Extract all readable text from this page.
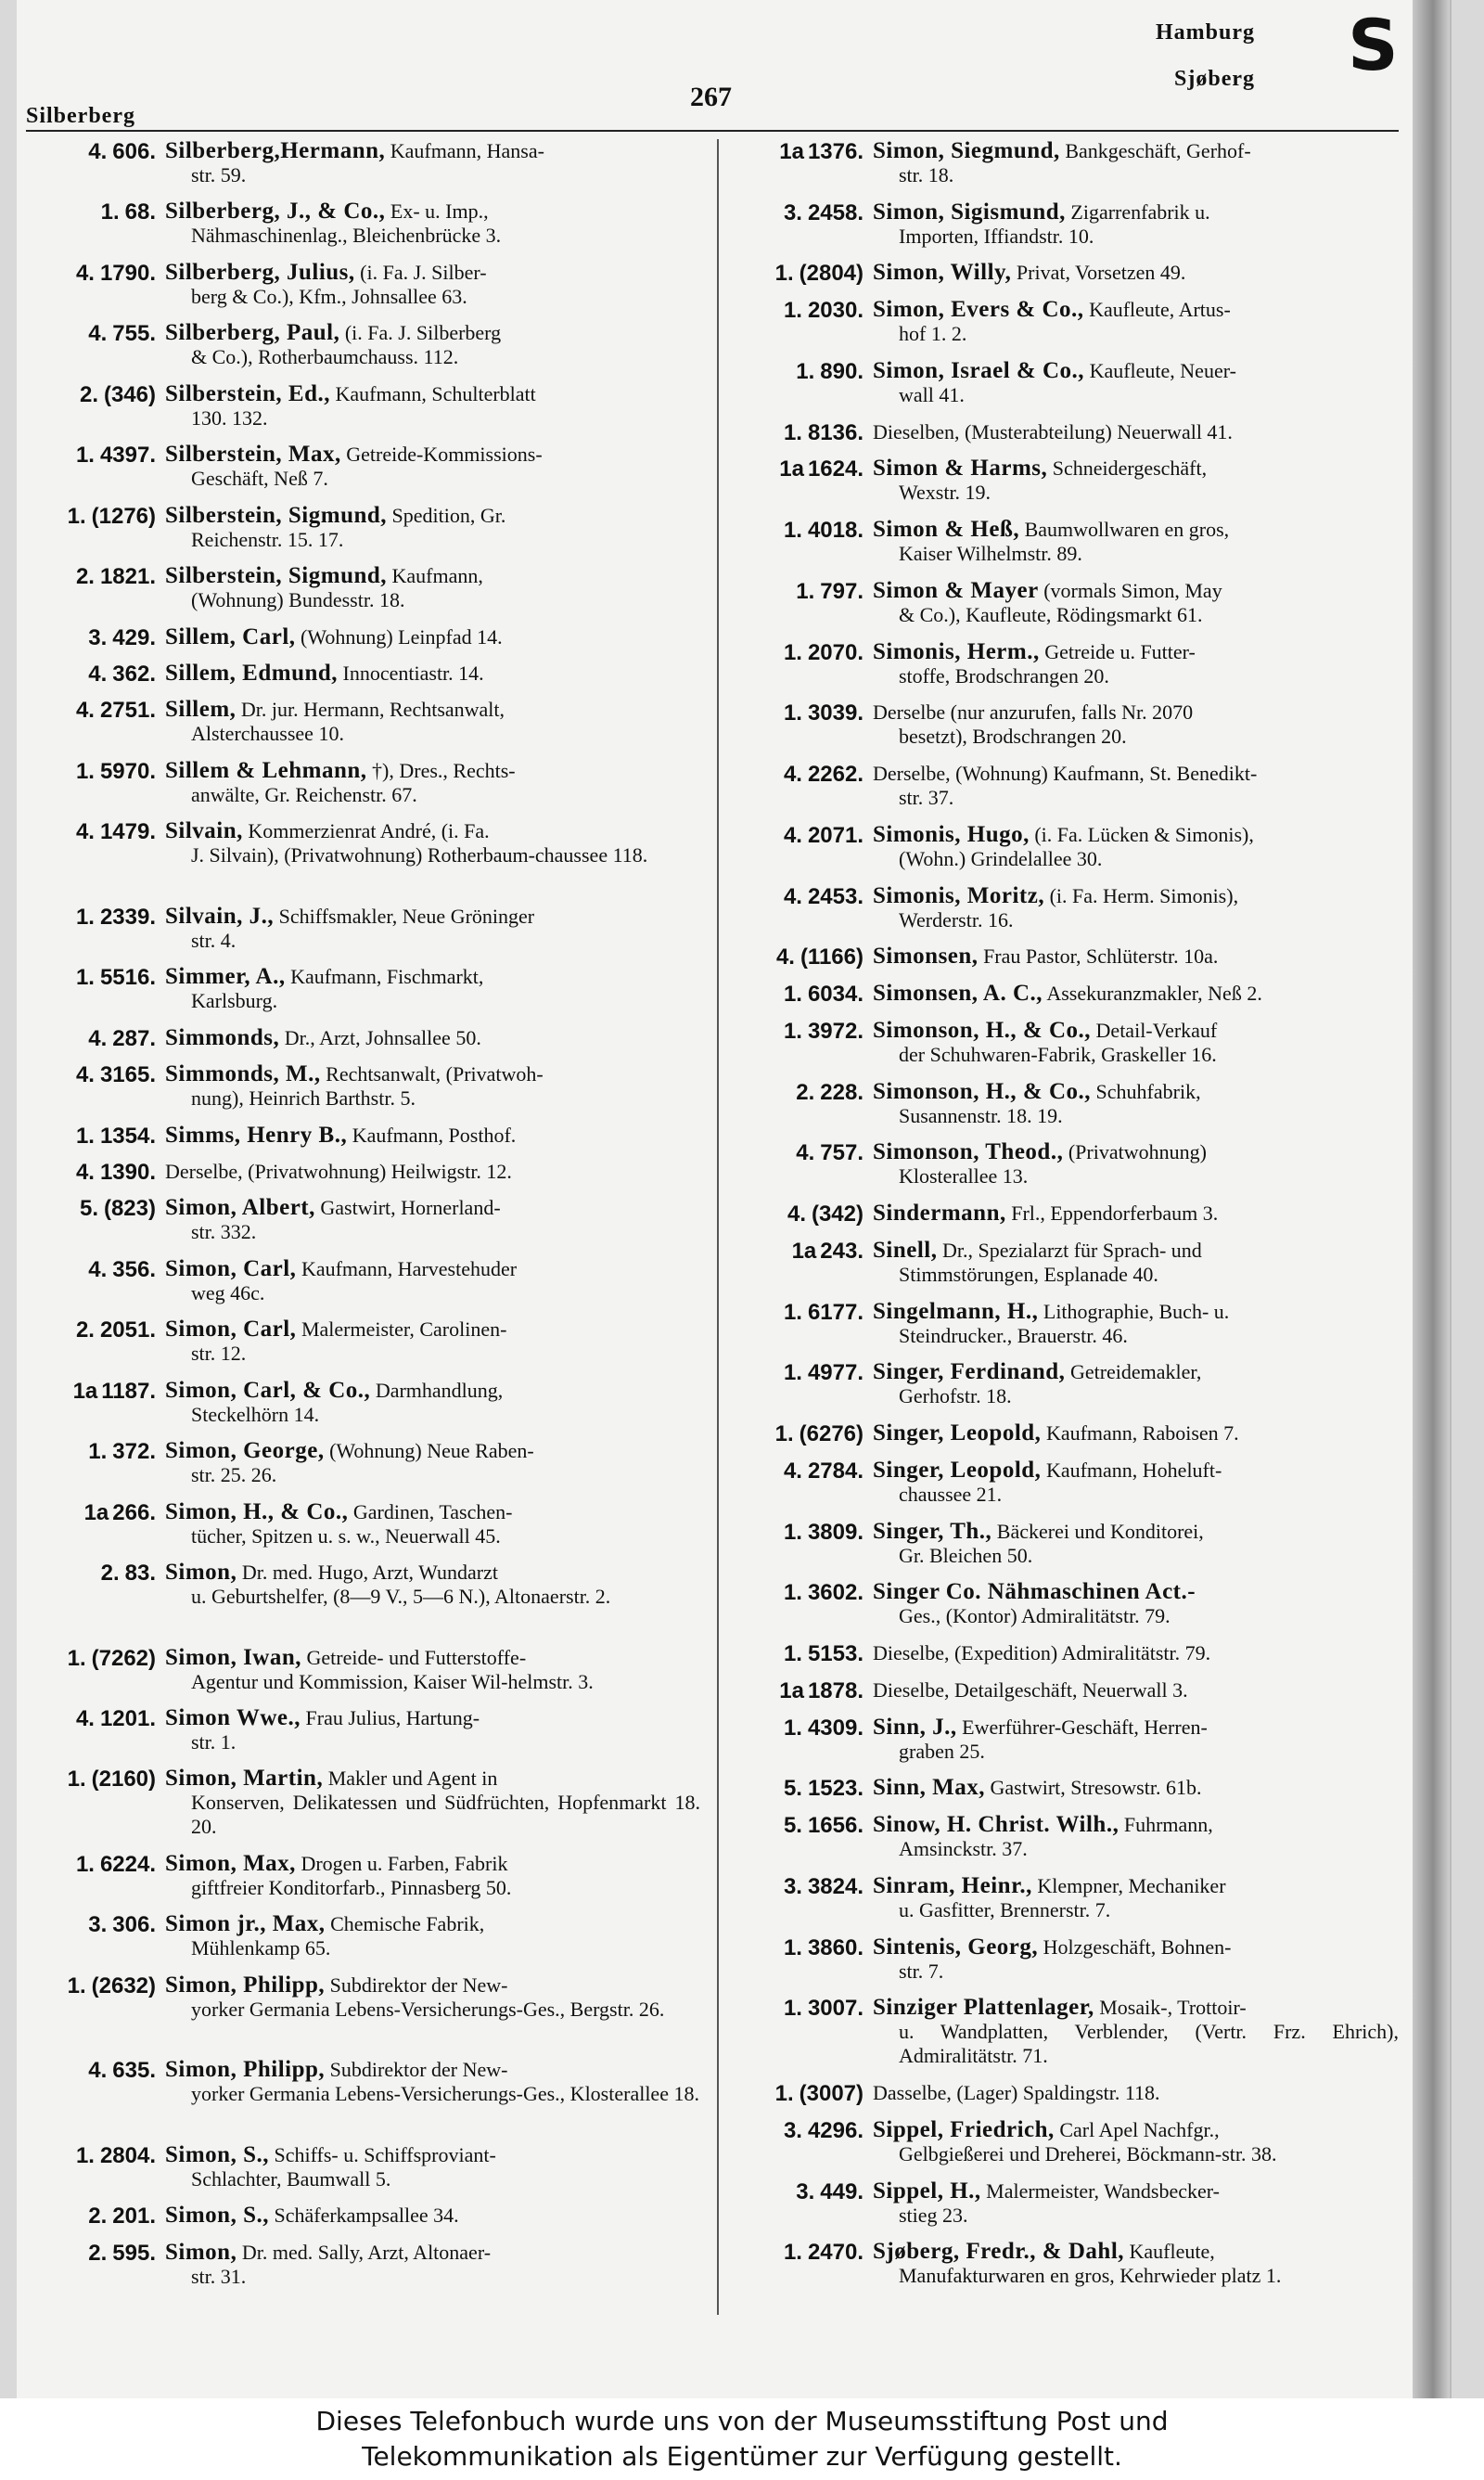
Silberberg
267
Hamburg
Sjøberg S
4. 606. Silberberg,Hermann, Kaufmann, Hansa-
str. 59.
1. 68. Silberberg, J., & Co., Ex- u. Imp.,
Nähmaschinenlag., Bleichenbrücke 3.
4. 1790. Silberberg, Julius, (i. Fa. J. Silber-
berg & Co.), Kfm., Johnsallee 63.
4. 755. Silberberg, Paul, (i. Fa. J. Silberberg
& Co.), Rotherbaumchauss. 112.
2. (346) Silberstein, Ed., Kaufmann, Schulterblatt
130. 132.
1. 4397. Silberstein, Max, Getreide-Kommissions-
Geschäft, Neß 7.
1. (1276) Silberstein, Sigmund, Spedition, Gr.
Reichenstr. 15. 17.
2. 1821. Silberstein, Sigmund, Kaufmann,
(Wohnung) Bundesstr. 18.
3. 429. Sillem, Carl, (Wohnung) Leinpfad 14.
4. 362. Sillem, Edmund, Innocentiastr. 14.
4. 2751. Sillem, Dr. jur. Hermann, Rechtsanwalt,
Alsterchaussee 10.
1. 5970. Sillem & Lehmann, †), Dres., Rechts-
anwälte, Gr. Reichenstr. 67.
4. 1479. Silvain, Kommerzienrat André, (i. Fa.
J. Silvain), (Privatwohnung) Rotherbaum-chaussee 118.
1. 2339. Silvain, J., Schiffsmakler, Neue Gröninger
str. 4.
1. 5516. Simmer, A., Kaufmann, Fischmarkt,
Karlsburg.
4. 287. Simmonds, Dr., Arzt, Johnsallee 50.
4. 3165. Simmonds, M., Rechtsanwalt, (Privatwoh-
nung), Heinrich Barthstr. 5.
1. 1354. Simms, Henry B., Kaufmann, Posthof.
4. 1390. Derselbe, (Privatwohnung) Heilwigstr. 12.
5. (823) Simon, Albert, Gastwirt, Hornerland-
str. 332.
4. 356. Simon, Carl, Kaufmann, Harvestehuder
weg 46c.
2. 2051. Simon, Carl, Malermeister, Carolinen-
str. 12.
1a 1187. Simon, Carl, & Co., Darmhandlung,
Steckelhörn 14.
1. 372. Simon, George, (Wohnung) Neue Raben-
str. 25. 26.
1a 266. Simon, H., & Co., Gardinen, Taschen-
tücher, Spitzen u. s. w., Neuerwall 45.
2. 83. Simon, Dr. med. Hugo, Arzt, Wundarzt
u. Geburtshelfer, (8—9 V., 5—6 N.), Altonaerstr. 2.
1. (7262) Simon, Iwan, Getreide- und Futterstoffe-
Agentur und Kommission, Kaiser Wil-helmstr. 3.
4. 1201. Simon Wwe., Frau Julius, Hartung-
str. 1.
1. (2160) Simon, Martin, Makler und Agent in
Konserven, Delikatessen und Südfrüchten, Hopfenmarkt 18. 20.
1. 6224. Simon, Max, Drogen u. Farben, Fabrik
giftfreier Konditorfarb., Pinnasberg 50.
3. 306. Simon jr., Max, Chemische Fabrik,
Mühlenkamp 65.
1. (2632) Simon, Philipp, Subdirektor der New-
yorker Germania Lebens-Versicherungs-Ges., Bergstr. 26.
4. 635. Simon, Philipp, Subdirektor der New-
yorker Germania Lebens-Versicherungs-Ges., Klosterallee 18.
1. 2804. Simon, S., Schiffs- u. Schiffsproviant-
Schlachter, Baumwall 5.
2. 201. Simon, S., Schäferkampsallee 34.
2. 595. Simon, Dr. med. Sally, Arzt, Altonaer-
str. 31.
1a 1376. Simon, Siegmund, Bankgeschäft, Gerhof-
str. 18.
3. 2458. Simon, Sigismund, Zigarrenfabrik u.
Importen, Iffiandstr. 10.
1. (2804) Simon, Willy, Privat, Vorsetzen 49.
1. 2030. Simon, Evers & Co., Kaufleute, Artus-
hof 1. 2.
1. 890. Simon, Israel & Co., Kaufleute, Neuer-
wall 41.
1. 8136. Dieselben, (Musterabteilung) Neuerwall 41.
1a 1624. Simon & Harms, Schneidergeschäft,
Wexstr. 19.
1. 4018. Simon & Heß, Baumwollwaren en gros,
Kaiser Wilhelmstr. 89.
1. 797. Simon & Mayer (vormals Simon, May
& Co.), Kaufleute, Rödingsmarkt 61.
1. 2070. Simonis, Herm., Getreide u. Futter-
stoffe, Brodschrangen 20.
1. 3039. Derselbe (nur anzurufen, falls Nr. 2070
besetzt), Brodschrangen 20.
4. 2262. Derselbe, (Wohnung) Kaufmann, St. Benedikt-
str. 37.
4. 2071. Simonis, Hugo, (i. Fa. Lücken & Simonis),
(Wohn.) Grindelallee 30.
4. 2453. Simonis, Moritz, (i. Fa. Herm. Simonis),
Werderstr. 16.
4. (1166) Simonsen, Frau Pastor, Schlüterstr. 10a.
1. 6034. Simonsen, A. C., Assekuranzmakler, Neß 2.
1. 3972. Simonson, H., & Co., Detail-Verkauf
der Schuhwaren-Fabrik, Graskeller 16.
2. 228. Simonson, H., & Co., Schuhfabrik,
Susannenstr. 18. 19.
4. 757. Simonson, Theod., (Privatwohnung)
Klosterallee 13.
4. (342) Sindermann, Frl., Eppendorferbaum 3.
1a 243. Sinell, Dr., Spezialarzt für Sprach- und
Stimmstörungen, Esplanade 40.
1. 6177. Singelmann, H., Lithographie, Buch- u.
Steindrucker., Brauerstr. 46.
1. 4977. Singer, Ferdinand, Getreidemakler,
Gerhofstr. 18.
1. (6276) Singer, Leopold, Kaufmann, Raboisen 7.
4. 2784. Singer, Leopold, Kaufmann, Hoheluft-
chaussee 21.
1. 3809. Singer, Th., Bäckerei und Konditorei,
Gr. Bleichen 50.
1. 3602. Singer Co. Nähmaschinen Act.-
Ges., (Kontor) Admiralitätstr. 79.
1. 5153. Dieselbe, (Expedition) Admiralitätstr. 79.
1a 1878. Dieselbe, Detailgeschäft, Neuerwall 3.
1. 4309. Sinn, J., Ewerführer-Geschäft, Herren-
graben 25.
5. 1523. Sinn, Max, Gastwirt, Stresowstr. 61b.
5. 1656. Sinow, H. Christ. Wilh., Fuhrmann,
Amsinckstr. 37.
3. 3824. Sinram, Heinr., Klempner, Mechaniker
u. Gasfitter, Brennerstr. 7.
1. 3860. Sintenis, Georg, Holzgeschäft, Bohnen-
str. 7.
1. 3007. Sinziger Plattenlager, Mosaik-, Trottoir-
u. Wandplatten, Verblender, (Vertr. Frz. Ehrich), Admiralitätstr. 71.
1. (3007) Dasselbe, (Lager) Spaldingstr. 118.
3. 4296. Sippel, Friedrich, Carl Apel Nachfgr.,
Gelbgießerei und Dreherei, Böckmann-str. 38.
3. 449. Sippel, H., Malermeister, Wandsbecker-
stieg 23.
1. 2470. Sjøberg, Fredr., & Dahl, Kaufleute,
Manufakturwaren en gros, Kehrwieder platz 1.
Dieses Telefonbuch wurde uns von der Museumsstiftung Post und
Telekommunikation als Eigentümer zur Verfügung gestellt.
